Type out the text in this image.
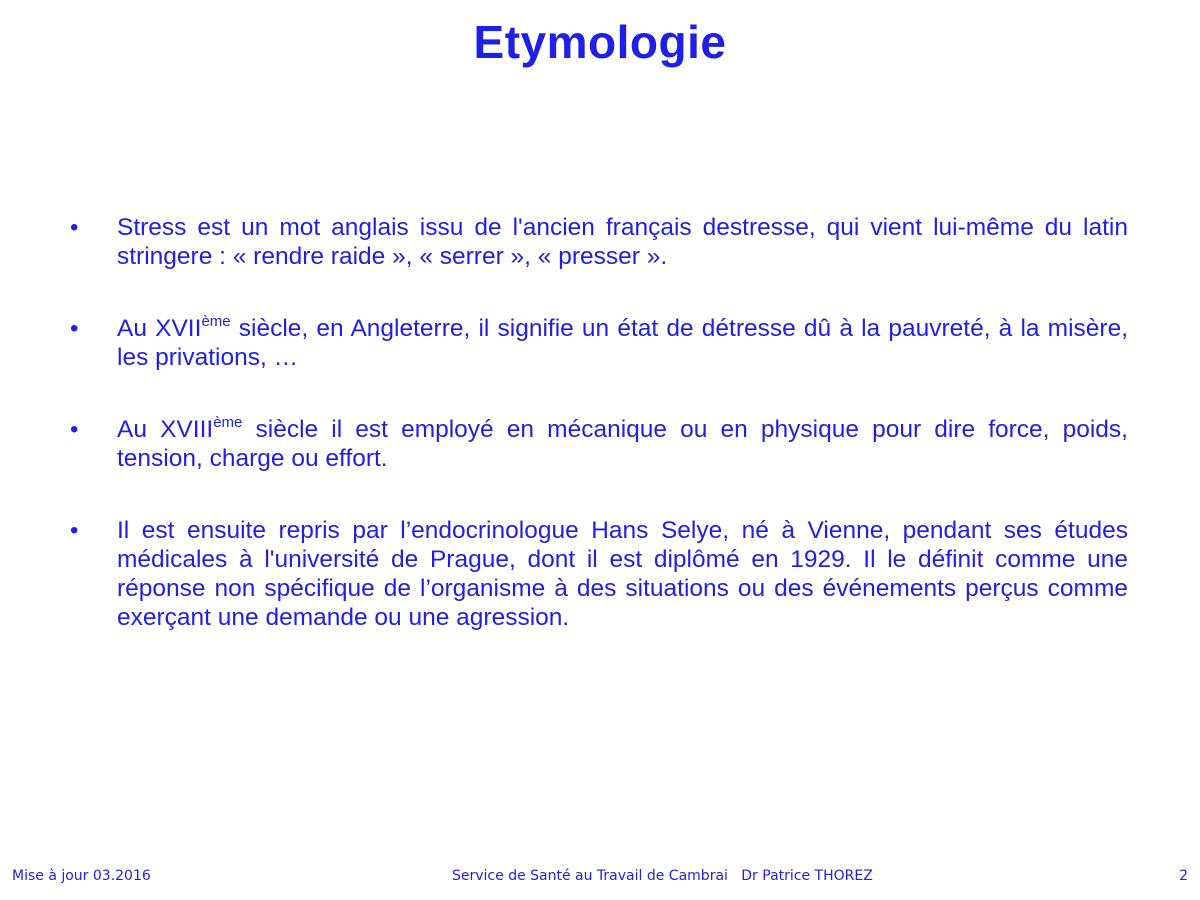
Etymologie
• Stress est un mot anglais issu de l'ancien français destresse, qui vient lui-même du latin stringere : « rendre raide », « serrer », « presser ».
• Au XVIIème siècle, en Angleterre, il signifie un état de détresse dû à la pauvreté, à la misère, les privations, …
• Au XVIIIème siècle il est employé en mécanique ou en physique pour dire force, poids, tension, charge ou effort.
• Il est ensuite repris par l’endocrinologue Hans Selye, né à Vienne, pendant ses études médicales à l'université de Prague, dont il est diplômé en 1929. Il le définit comme une réponse non spécifique de l’organisme à des situations ou des événements perçus comme exerçant une demande ou une agression.
Mise à jour 03.2016	Service de Santé au Travail de Cambrai   Dr Patrice THOREZ	2
